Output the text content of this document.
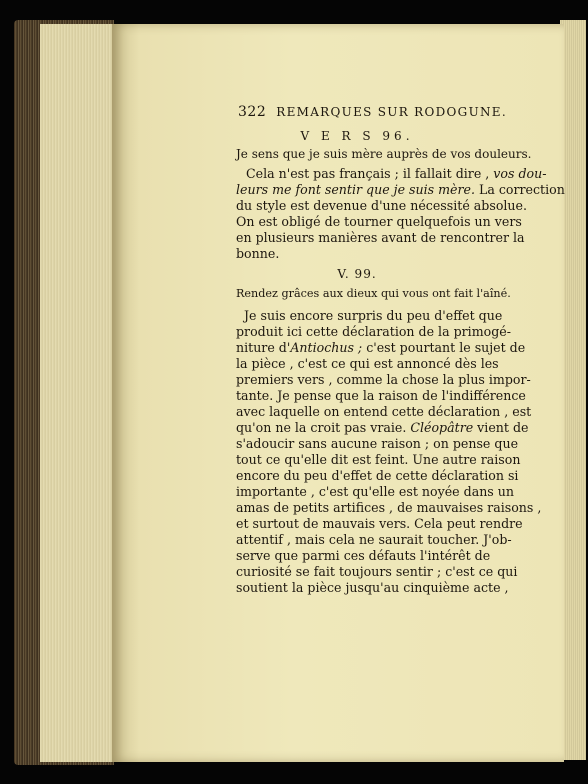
322 REMARQUES SUR RODOGUNE.
V E R S 96.
Je sens que je suis mère auprès de vos douleurs.
Cela n'est pas français ; il fallait dire , vos dou-
leurs me font sentir que je suis mère. La correction
du style est devenue d'une nécessité absolue.
On est obligé de tourner quelquefois un vers
en plusieurs manières avant de rencontrer la
bonne.
V. 99.
Rendez grâces aux dieux qui vous ont fait l'aîné.
Je suis encore surpris du peu d'effet que
produit ici cette déclaration de la primogé-
niture d'Antiochus ; c'est pourtant le sujet de
la pièce , c'est ce qui est annoncé dès les
premiers vers , comme la chose la plus impor-
tante. Je pense que la raison de l'indifférence
avec laquelle on entend cette déclaration , est
qu'on ne la croit pas vraie. Cléopâtre vient de
s'adoucir sans aucune raison ; on pense que
tout ce qu'elle dit est feint. Une autre raison
encore du peu d'effet de cette déclaration si
importante , c'est qu'elle est noyée dans un
amas de petits artifices , de mauvaises raisons ,
et surtout de mauvais vers. Cela peut rendre
attentif , mais cela ne saurait toucher. J'ob-
serve que parmi ces défauts l'intérêt de
curiosité se fait toujours sentir ; c'est ce qui
soutient la pièce jusqu'au cinquième acte ,
